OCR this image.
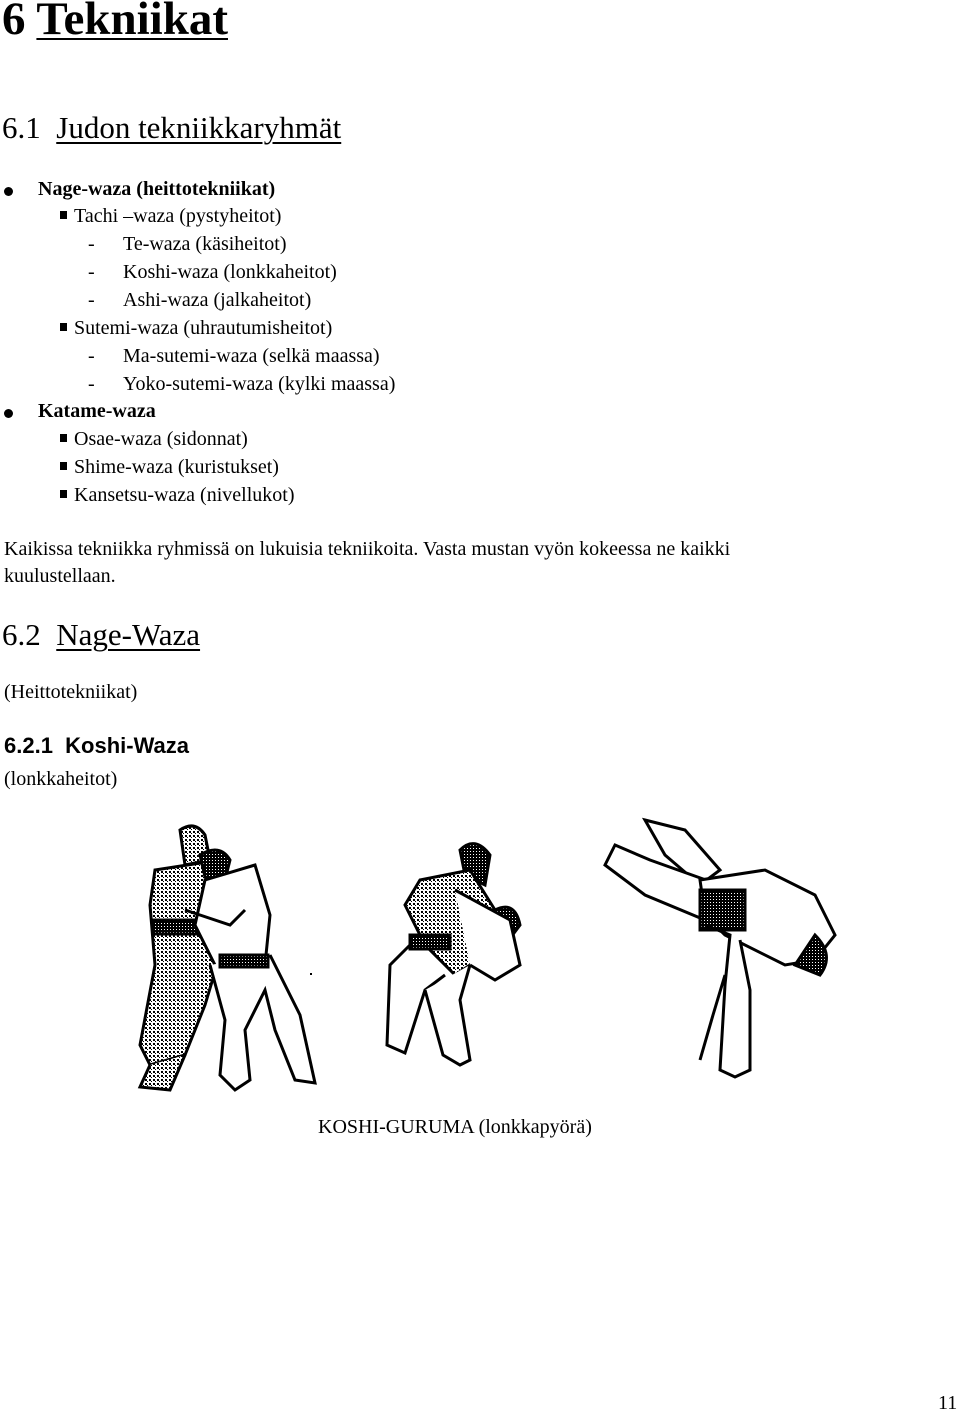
6 Tekniikat
6.1 Judon tekniikkaryhmät
Nage-waza (heittotekniikat)
Tachi –waza (pystyheitot)
- Te-waza (käsiheitot)
- Koshi-waza (lonkkaheitot)
- Ashi-waza (jalkaheitot)
Sutemi-waza (uhrautumisheitot)
- Ma-sutemi-waza (selkä maassa)
- Yoko-sutemi-waza (kylki maassa)
Katame-waza
Osae-waza (sidonnat)
Shime-waza (kuristukset)
Kansetsu-waza (nivellukot)
Kaikissa tekniikka ryhmissä on lukuisia tekniikoita. Vasta mustan vyön kokeessa ne kaikki
kuulustellaan.
6.2 Nage-Waza
(Heittotekniikat)
6.2.1 Koshi-Waza
(lonkkaheitot)
KOSHI-GURUMA (lonkkapyörä)
11
